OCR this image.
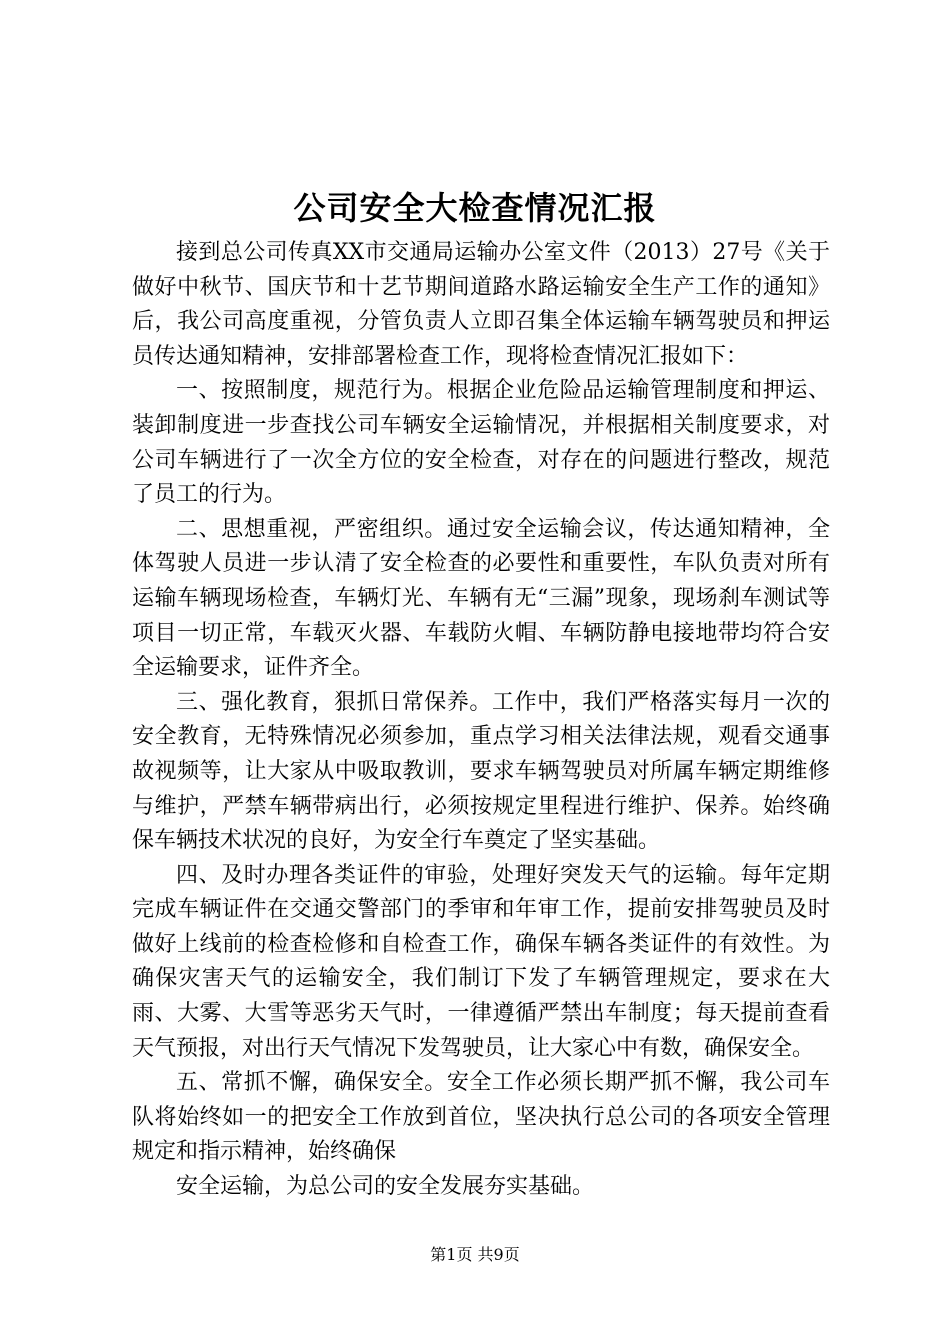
公司安全大检查情况汇报

接到总公司传真XX市交通局运输办公室文件（2013）27号《关于做好中秋节、国庆节和十艺节期间道路水路运输安全生产工作的通知》后，我公司高度重视，分管负责人立即召集全体运输车辆驾驶员和押运员传达通知精神，安排部署检查工作，现将检查情况汇报如下：

一、按照制度，规范行为。根据企业危险品运输管理制度和押运、装卸制度进一步查找公司车辆安全运输情况，并根据相关制度要求，对公司车辆进行了一次全方位的安全检查，对存在的问题进行整改，规范了员工的行为。

二、思想重视，严密组织。通过安全运输会议，传达通知精神，全体驾驶人员进一步认清了安全检查的必要性和重要性，车队负责对所有运输车辆现场检查，车辆灯光、车辆有无“三漏”现象，现场刹车测试等项目一切正常，车载灭火器、车载防火帽、车辆防静电接地带均符合安全运输要求，证件齐全。

三、强化教育，狠抓日常保养。工作中，我们严格落实每月一次的安全教育，无特殊情况必须参加，重点学习相关法律法规，观看交通事故视频等，让大家从中吸取教训，要求车辆驾驶员对所属车辆定期维修与维护，严禁车辆带病出行，必须按规定里程进行维护、保养。始终确保车辆技术状况的良好，为安全行车奠定了坚实基础。

四、及时办理各类证件的审验，处理好突发天气的运输。每年定期完成车辆证件在交通交警部门的季审和年审工作，提前安排驾驶员及时做好上线前的检查检修和自检查工作，确保车辆各类证件的有效性。为确保灾害天气的运输安全，我们制订下发了车辆管理规定，要求在大雨、大雾、大雪等恶劣天气时，一律遵循严禁出车制度；每天提前查看天气预报，对出行天气情况下发驾驶员，让大家心中有数，确保安全。

五、常抓不懈，确保安全。安全工作必须长期严抓不懈，我公司车队将始终如一的把安全工作放到首位，坚决执行总公司的各项安全管理规定和指示精神，始终确保

安全运输，为总公司的安全发展夯实基础。

第1页 共9页
